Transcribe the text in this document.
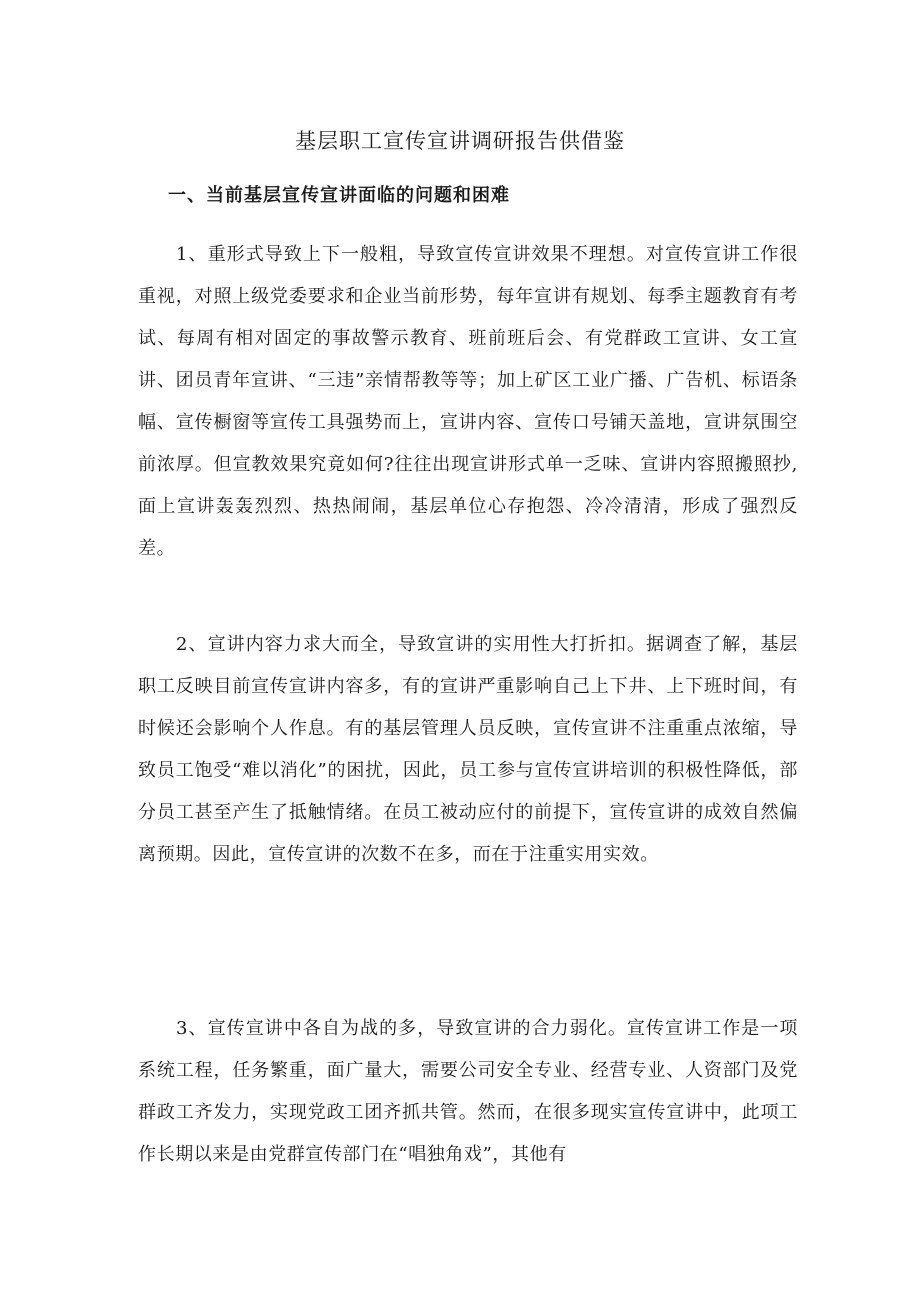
基层职工宣传宣讲调研报告供借鉴
一、当前基层宣传宣讲面临的问题和困难

1、重形式导致上下一般粗，导致宣传宣讲效果不理想。对宣传宣讲工作很重视，对照上级党委要求和企业当前形势，每年宣讲有规划、每季主题教育有考试、每周有相对固定的事故警示教育、班前班后会、有党群政工宣讲、女工宣讲、团员青年宣讲、“三违”亲情帮教等等；加上矿区工业广播、广告机、标语条幅、宣传橱窗等宣传工具强势而上，宣讲内容、宣传口号铺天盖地，宣讲氛围空前浓厚。但宣教效果究竟如何?往往出现宣讲形式单一乏味、宣讲内容照搬照抄,面上宣讲轰轰烈烈、热热闹闹，基层单位心存抱怨、冷冷清清，形成了强烈反差。

2、宣讲内容力求大而全，导致宣讲的实用性大打折扣。据调查了解，基层职工反映目前宣传宣讲内容多，有的宣讲严重影响自己上下井、上下班时间，有时候还会影响个人作息。有的基层管理人员反映，宣传宣讲不注重重点浓缩，导致员工饱受“难以消化”的困扰，因此，员工参与宣传宣讲培训的积极性降低，部分员工甚至产生了抵触情绪。在员工被动应付的前提下，宣传宣讲的成效自然偏离预期。因此，宣传宣讲的次数不在多，而在于注重实用实效。

3、宣传宣讲中各自为战的多，导致宣讲的合力弱化。宣传宣讲工作是一项系统工程，任务繁重，面广量大，需要公司安全专业、经营专业、人资部门及党群政工齐发力，实现党政工团齐抓共管。然而，在很多现实宣传宣讲中，此项工作长期以来是由党群宣传部门在“唱独角戏”，其他有
